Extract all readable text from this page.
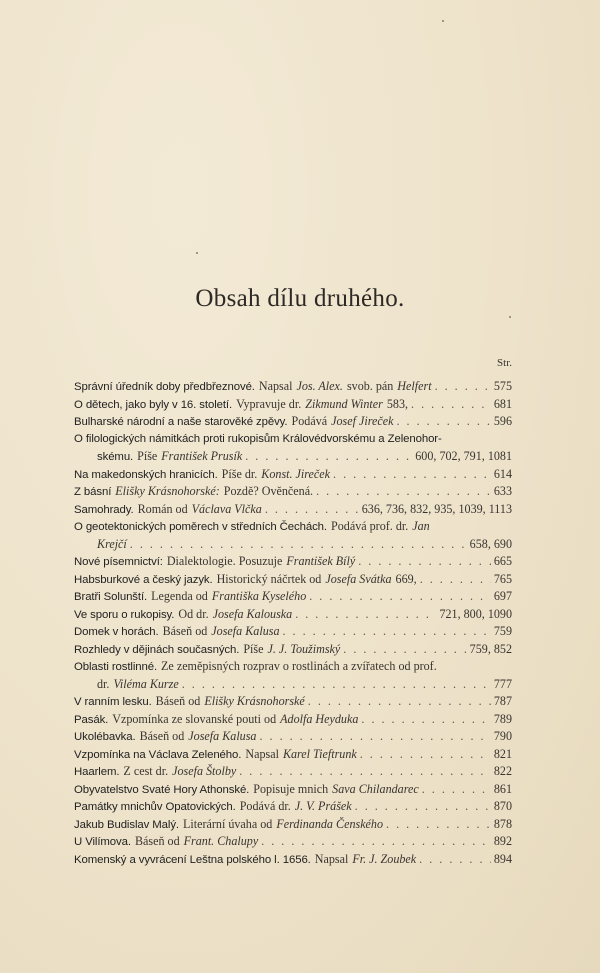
Obsah dílu druhého.
Str.
Správní úředník doby předbřeznové. Napsal Jos. Alex. svob. pán Helfert . . .	575
O dětech, jako byly v 16. století. Vypravuje dr. Zikmund Winter 583, . . .	681
Bulharské národní a naše starověké zpěvy. Podává Josef Jireček . . .	596
O filologických námitkách proti rukopisům Královédvorskému a Zelenohor-
skému. Píše František Prusík . . .	600, 702, 791, 1081
Na makedonských hranicích. Píše dr. Konst. Jireček . . .	614
Z básní Elišky Krásnohorské: Pozdě? Ověnčená. . . .	633
Samohrady. Román od Václava Vlčka . . .	636, 736, 832, 935, 1039, 1113
O geotektonických poměrech v středních Čechách. Podává prof. dr. Jan
Krejčí . . .	658, 690
Nové písemnictví: Dialektologie. Posuzuje František Bílý . . .	665
Habsburkové a český jazyk. Historický náčrtek od Josefa Svátka 669, . . .	765
Bratři Solunští. Legenda od Františka Kyselého . . .	697
Ve sporu o rukopisy. Od dr. Josefa Kalouska . . .	721, 800, 1090
Domek v horách. Báseň od Josefa Kalusa . . .	759
Rozhledy v dějinách současných. Píše J. J. Toužimský . . .	759, 852
Oblasti rostlinné. Ze zeměpisných rozprav o rostlinách a zvířatech od prof.
dr. Viléma Kurze . . .	777
V ranním lesku. Báseň od Elišky Krásnohorské . . .	787
Pasák. Vzpomínka ze slovanské pouti od Adolfa Heyduka . . .	789
Ukolébavka. Báseň od Josefa Kalusa . . .	790
Vzpomínka na Václava Zeleného. Napsal Karel Tieftrunk . . .	821
Haarlem. Z cest dr. Josefa Štolby . . .	822
Obyvatelstvo Svaté Hory Athonské. Popisuje mnich Sava Chilandarec . . .	861
Památky mnichův Opatovických. Podává dr. J. V. Prášek . . .	870
Jakub Budislav Malý. Literární úvaha od Ferdinanda Čenského . . .	878
U Vilímova. Báseň od Frant. Chalupy . . .	892
Komenský a vyvrácení Leštna polského l. 1656. Napsal Fr. J. Zoubek . . .	894
